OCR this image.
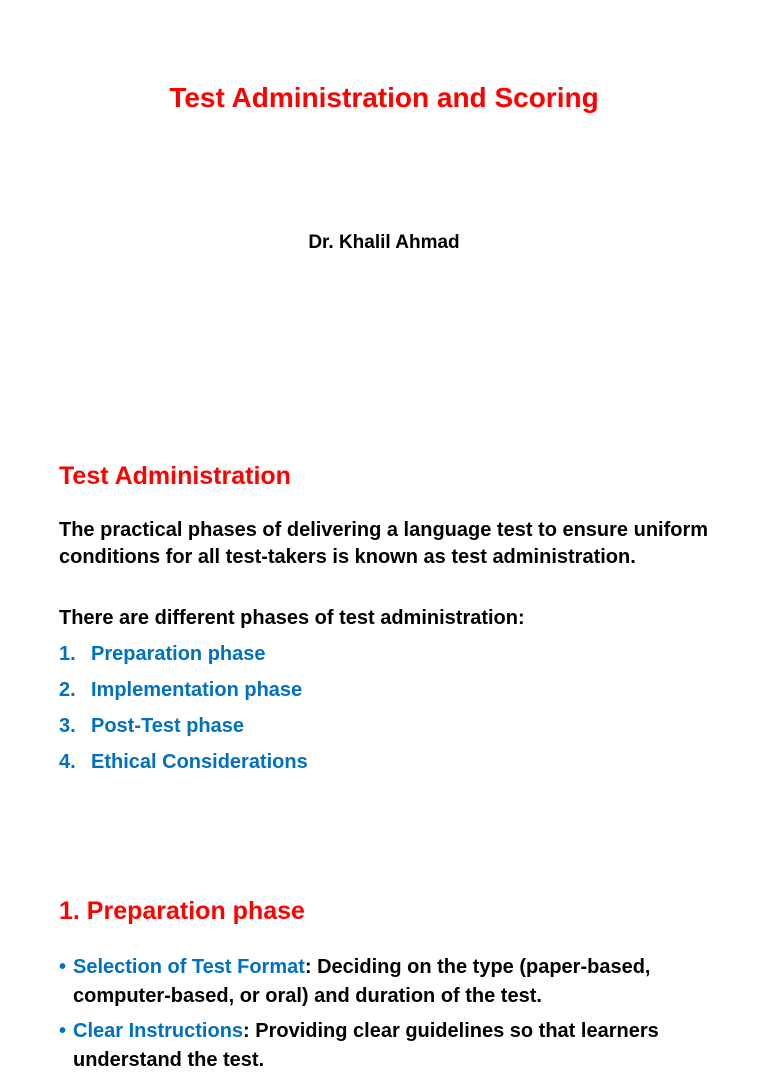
Test Administration and Scoring
Dr. Khalil Ahmad
Test Administration
The practical phases of delivering a language test to ensure uniform conditions for all test-takers is known as test administration.
There are different phases of test administration:
1. Preparation phase
2. Implementation phase
3. Post-Test phase
4. Ethical Considerations
1. Preparation phase
• Selection of Test Format: Deciding on the type (paper-based, computer-based, or oral) and duration of the test.
• Clear Instructions: Providing clear guidelines so that learners understand the test.
